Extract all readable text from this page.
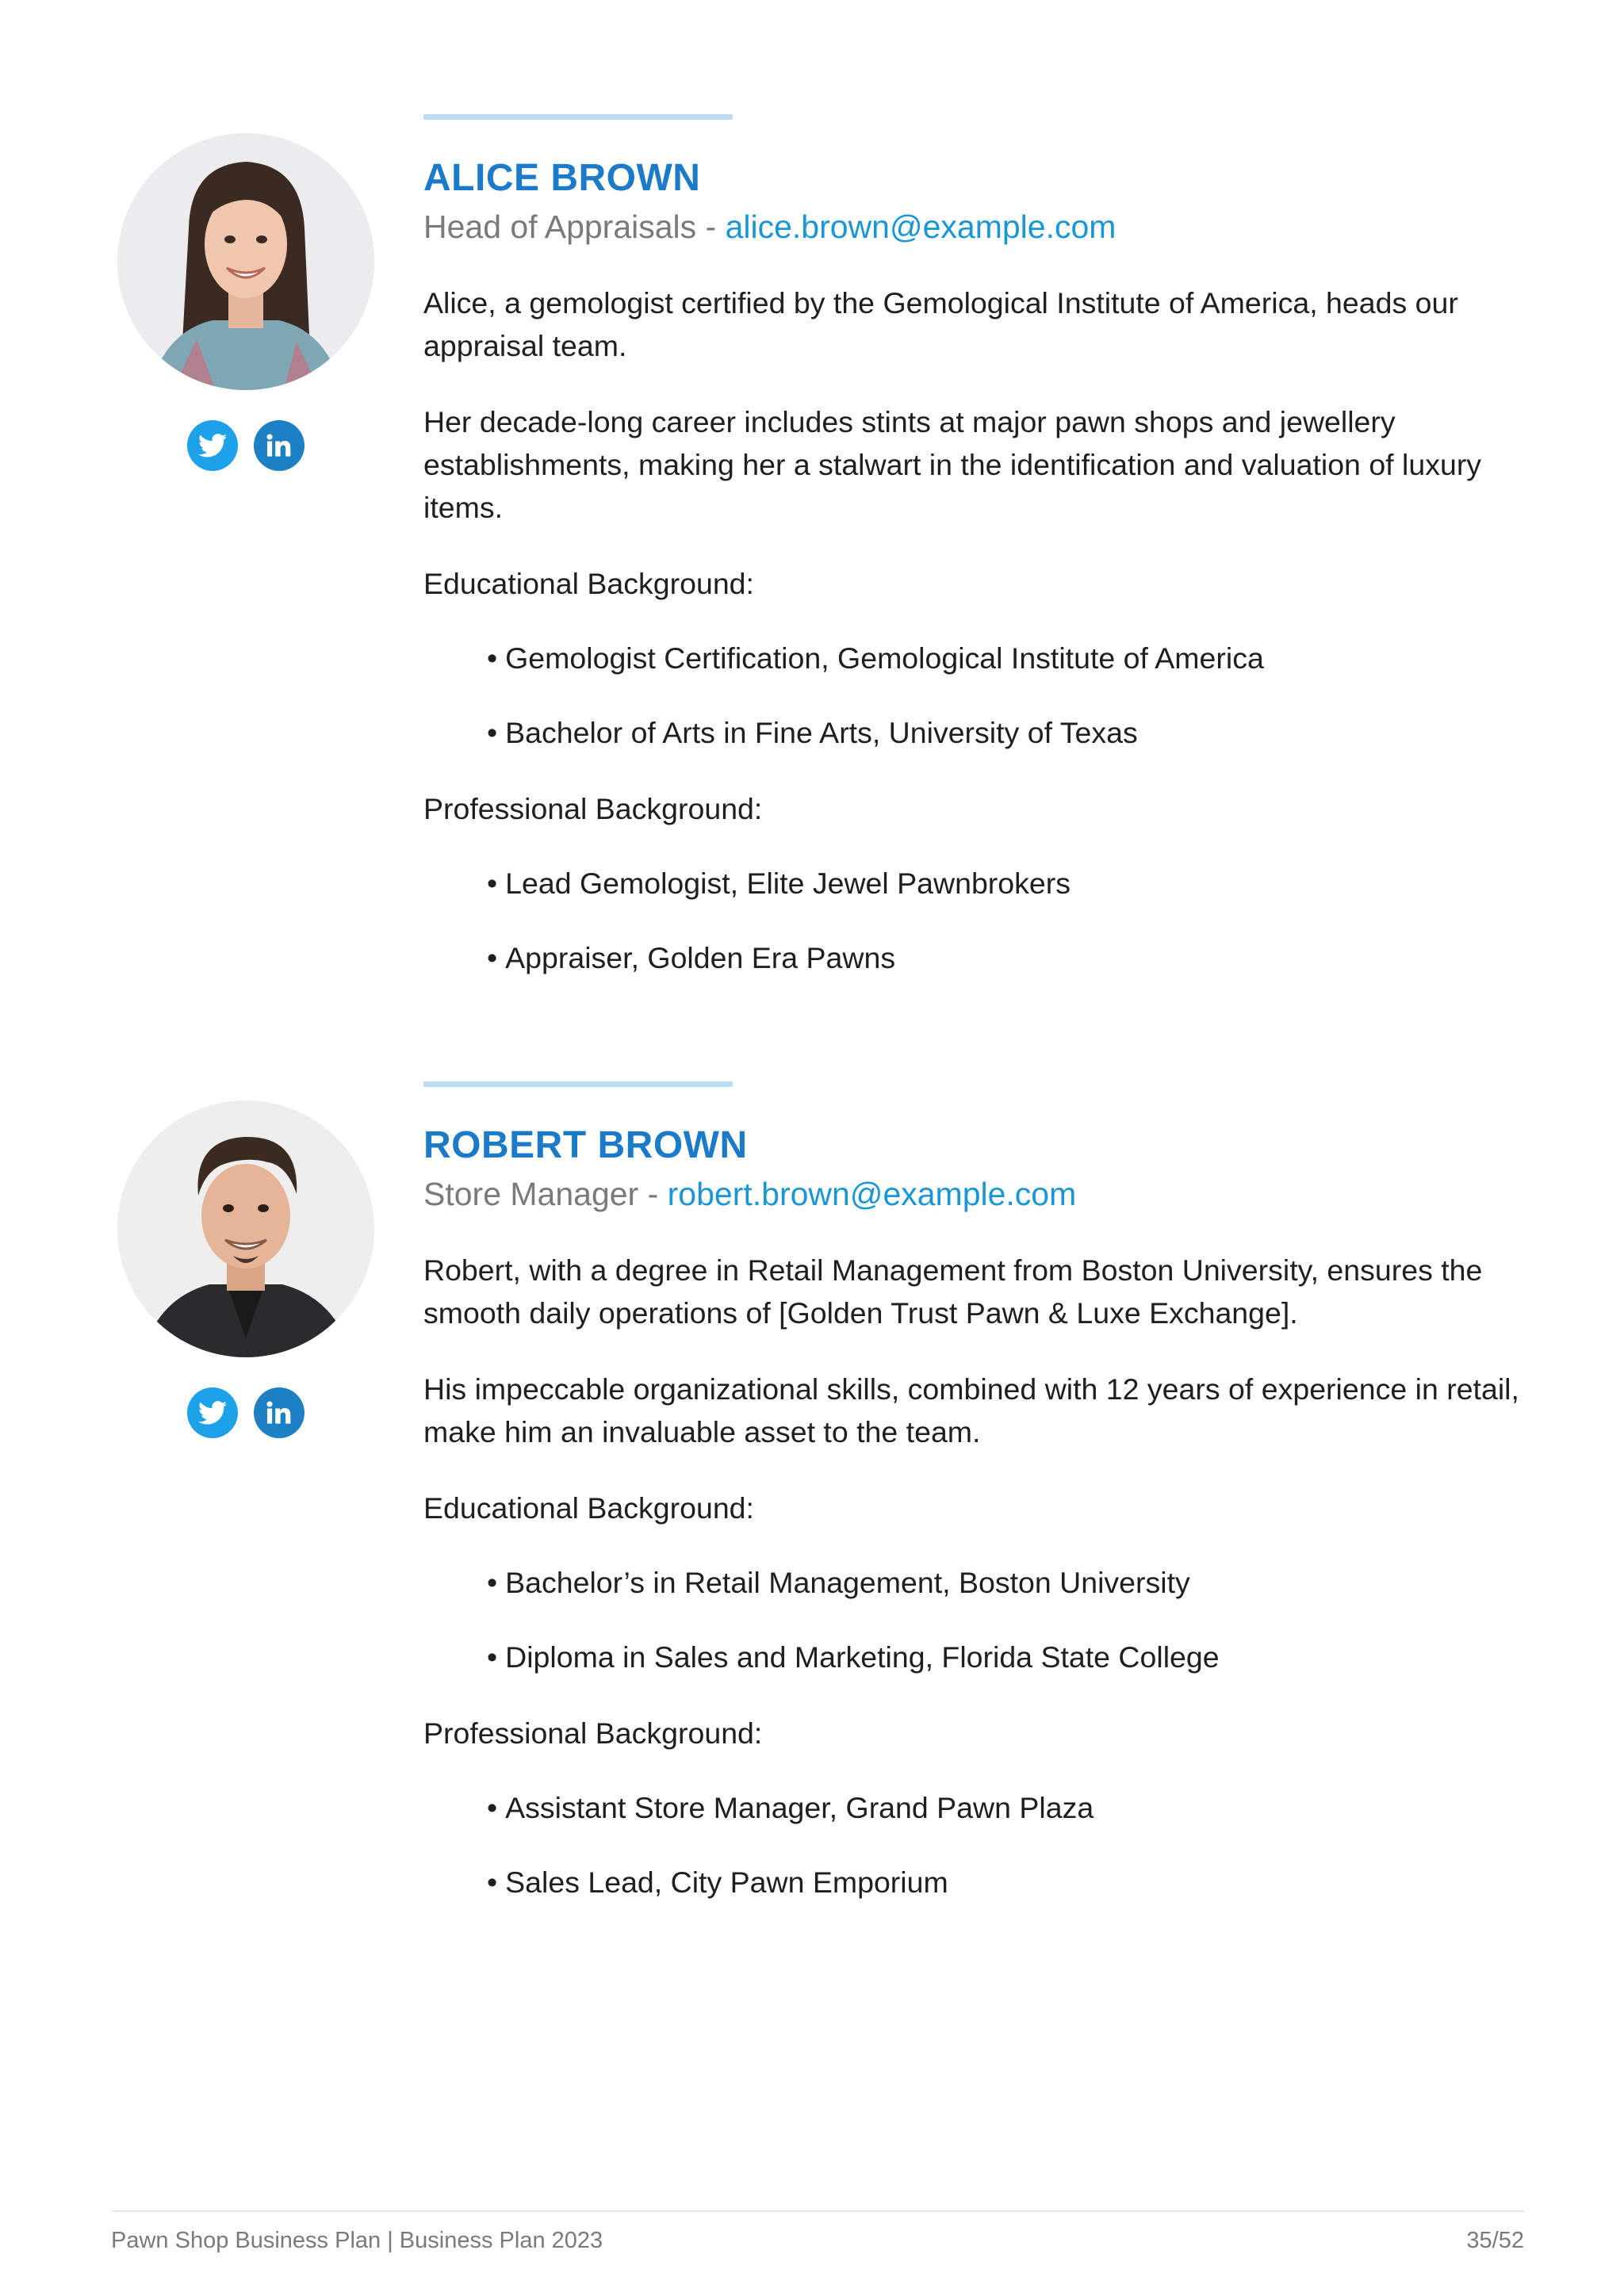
ALICE BROWN
Head of Appraisals - alice.brown@example.com
Alice, a gemologist certified by the Gemological Institute of America, heads our appraisal team.
Her decade-long career includes stints at major pawn shops and jewellery establishments, making her a stalwart in the identification and valuation of luxury items.
Educational Background:
• Gemologist Certification, Gemological Institute of America
• Bachelor of Arts in Fine Arts, University of Texas
Professional Background:
• Lead Gemologist, Elite Jewel Pawnbrokers
• Appraiser, Golden Era Pawns
ROBERT BROWN
Store Manager - robert.brown@example.com
Robert, with a degree in Retail Management from Boston University, ensures the smooth daily operations of [Golden Trust Pawn & Luxe Exchange].
His impeccable organizational skills, combined with 12 years of experience in retail, make him an invaluable asset to the team.
Educational Background:
• Bachelor’s in Retail Management, Boston University
• Diploma in Sales and Marketing, Florida State College
Professional Background:
• Assistant Store Manager, Grand Pawn Plaza
• Sales Lead, City Pawn Emporium
Pawn Shop Business Plan | Business Plan 2023	35/52
